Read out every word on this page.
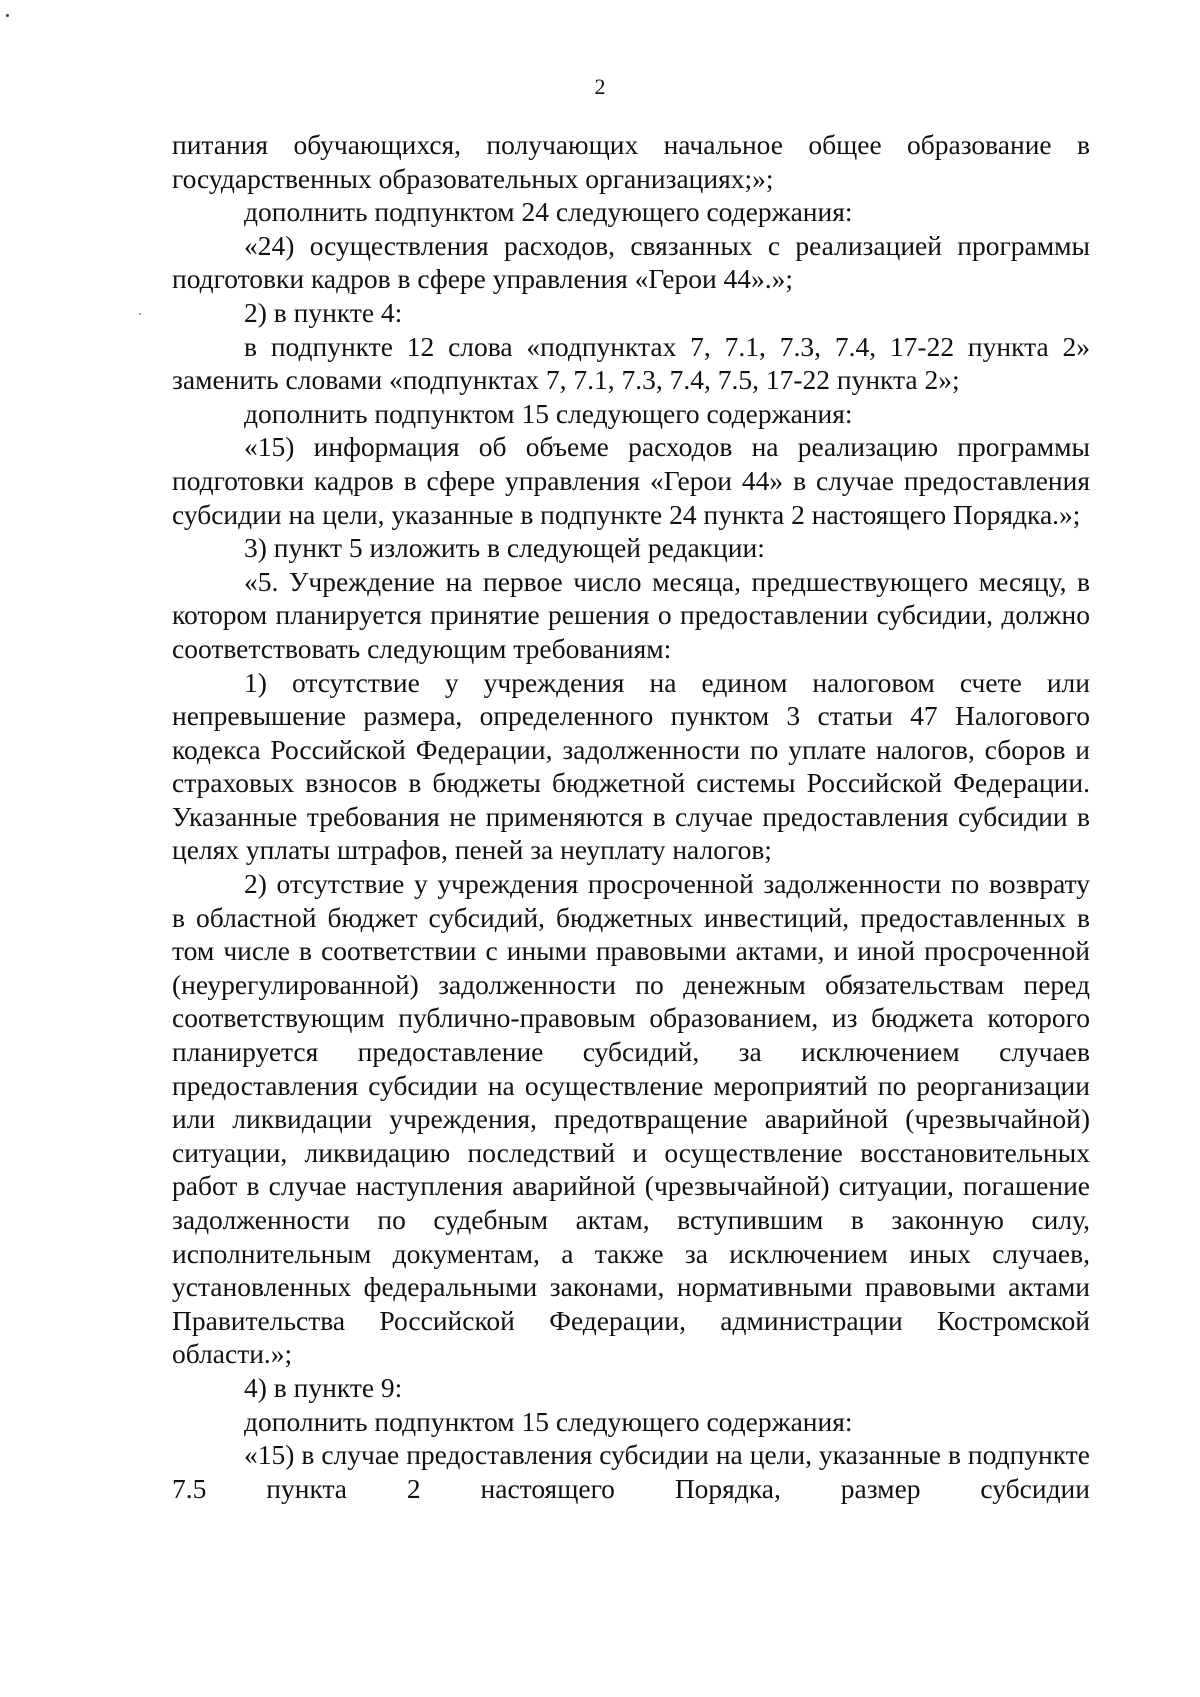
2

питания обучающихся, получающих начальное общее образование в государственных образовательных организациях;»;

дополнить подпунктом 24 следующего содержания:

«24) осуществления расходов, связанных с реализацией программы подготовки кадров в сфере управления «Герои 44».»;

2) в пункте 4:

в подпункте 12 слова «подпунктах 7, 7.1, 7.3, 7.4, 17-22 пункта 2» заменить словами «подпунктах 7, 7.1, 7.3, 7.4, 7.5, 17-22 пункта 2»;

дополнить подпунктом 15 следующего содержания:

«15) информация об объеме расходов на реализацию программы подготовки кадров в сфере управления «Герои 44» в случае предоставления субсидии на цели, указанные в подпункте 24 пункта 2 настоящего Порядка.»;

3) пункт 5 изложить в следующей редакции:

«5. Учреждение на первое число месяца, предшествующего месяцу, в котором планируется принятие решения о предоставлении субсидии, должно соответствовать следующим требованиям:

1) отсутствие у учреждения на едином налоговом счете или непревышение размера, определенного пунктом 3 статьи 47 Налогового кодекса Российской Федерации, задолженности по уплате налогов, сборов и страховых взносов в бюджеты бюджетной системы Российской Федерации. Указанные требования не применяются в случае предоставления субсидии в целях уплаты штрафов, пеней за неуплату налогов;

2) отсутствие у учреждения просроченной задолженности по возврату в областной бюджет субсидий, бюджетных инвестиций, предоставленных в том числе в соответствии с иными правовыми актами, и иной просроченной (неурегулированной) задолженности по денежным обязательствам перед соответствующим публично-правовым образованием, из бюджета которого планируется предоставление субсидий, за исключением случаев предоставления субсидии на осуществление мероприятий по реорганизации или ликвидации учреждения, предотвращение аварийной (чрезвычайной) ситуации, ликвидацию последствий и осуществление восстановительных работ в случае наступления аварийной (чрезвычайной) ситуации, погашение задолженности по судебным актам, вступившим в законную силу, исполнительным документам, а также за исключением иных случаев, установленных федеральными законами, нормативными правовыми актами Правительства Российской Федерации, администрации Костромской области.»;

4) в пункте 9:

дополнить подпунктом 15 следующего содержания:

«15) в случае предоставления субсидии на цели, указанные в подпункте 7.5 пункта 2 настоящего Порядка, размер субсидии
